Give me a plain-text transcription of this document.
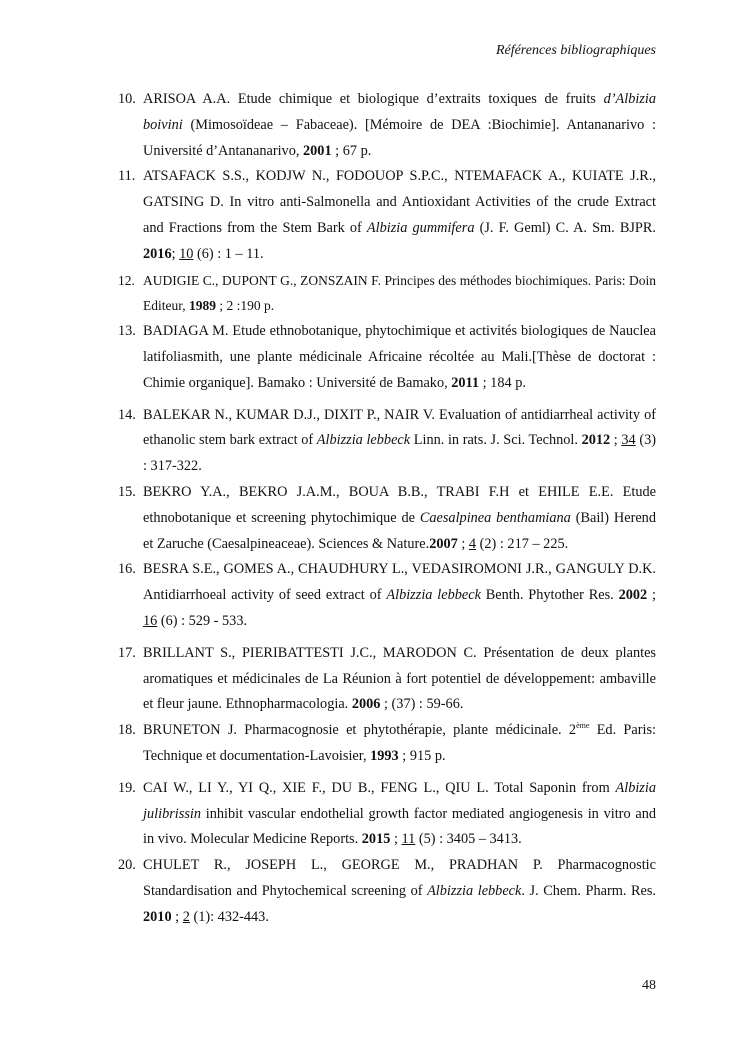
Références bibliographiques
10. ARISOA A.A. Etude chimique et biologique d’extraits toxiques de fruits d’Albizia boivini (Mimosoïdeae – Fabaceae). [Mémoire de DEA :Biochimie]. Antananarivo : Université d’Antananarivo, 2001 ; 67 p.
11. ATSAFACK S.S., KODJW N., FODOUOP S.P.C., NTEMAFACK A., KUIATE J.R., GATSING D. In vitro anti-Salmonella and Antioxidant Activities of the crude Extract and Fractions from the Stem Bark of Albizia gummifera (J. F. Geml) C. A. Sm. BJPR. 2016; 10 (6) : 1 – 11.
12. AUDIGIE C., DUPONT G., ZONSZAIN F. Principes des méthodes biochimiques. Paris: Doin Editeur, 1989 ; 2 :190 p.
13. BADIAGA M. Etude ethnobotanique, phytochimique et activités biologiques de Nauclea latifoliasmith, une plante médicinale Africaine récoltée au Mali.[Thèse de doctorat : Chimie organique]. Bamako : Université de Bamako, 2011 ; 184 p.
14. BALEKAR N., KUMAR D.J., DIXIT P., NAIR V. Evaluation of antidiarrheal activity of ethanolic stem bark extract of Albizzia lebbeck Linn. in rats. J. Sci. Technol. 2012 ; 34 (3) : 317-322.
15. BEKRO Y.A., BEKRO J.A.M., BOUA B.B., TRABI F.H et EHILE E.E. Etude ethnobotanique et screening phytochimique de Caesalpinea benthamiana (Bail) Herend et Zaruche (Caesalpineaceae). Sciences & Nature.2007 ; 4 (2) : 217 – 225.
16. BESRA S.E., GOMES A., CHAUDHURY L., VEDASIROMONI J.R., GANGULY D.K. Antidiarrhoeal activity of seed extract of Albizzia lebbeck Benth. Phytother Res. 2002 ; 16 (6) : 529 - 533.
17. BRILLANT S., PIERIBATTESTI J.C., MARODON C. Présentation de deux plantes aromatiques et médicinales de La Réunion à fort potentiel de développement: ambaville et fleur jaune. Ethnopharmacologia. 2006 ; (37) : 59-66.
18. BRUNETON J. Pharmacognosie et phytothérapie, plante médicinale. 2ème Ed. Paris: Technique et documentation-Lavoisier, 1993 ; 915 p.
19. CAI W., LI Y., YI Q., XIE F., DU B., FENG L., QIU L. Total Saponin from Albizia julibrissin inhibit vascular endothelial growth factor mediated angiogenesis in vitro and in vivo. Molecular Medicine Reports. 2015 ; 11 (5) : 3405 – 3413.
20. CHULET R., JOSEPH L., GEORGE M., PRADHAN P. Pharmacognostic Standardisation and Phytochemical screening of Albizzia lebbeck. J. Chem. Pharm. Res. 2010 ; 2 (1): 432-443.
48
